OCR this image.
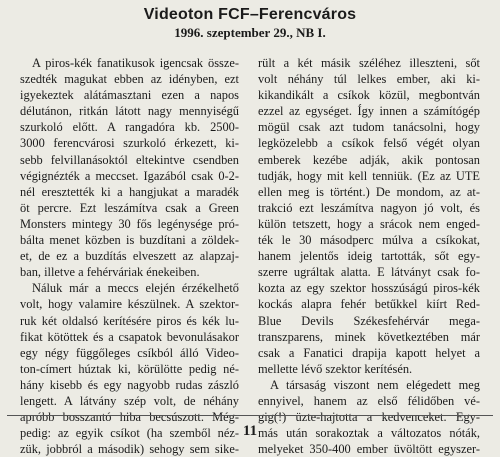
Videoton FCF–Ferencváros
1996. szeptember 29., NB I.
A piros-kék fanatikusok igencsak össze-
szedték magukat ebben az idényben, ezt
igyekeztek alátámasztani ezen a napos
délutánon, ritkán látott nagy mennyiségű
szurkoló előtt. A rangadóra kb. 2500-
3000 ferencvárosi szurkoló érkezett, ki-
sebb felvillanásoktól eltekintve csendben
végignézték a meccset. Igazából csak 0-2-
nél eresztették ki a hangjukat a maradék
öt percre. Ezt leszámítva csak a Green
Monsters mintegy 30 fős legénysége pró-
bálta menet közben is buzdítani a zöldek-
et, de ez a buzdítás elveszett az alapzaj-
ban, illetve a fehérváriak énekeiben.
Náluk már a meccs elején érzékelhető
volt, hogy valamire készülnek. A szektor-
ruk két oldalsó kerítésére piros és kék lu-
fikat kötöttek és a csapatok bevonulásakor
egy négy függőleges csíkból álló Video-
ton-címert húztak ki, körülötte pedig né-
hány kisebb és egy nagyobb rudas zászló
lengett. A látvány szép volt, de néhány
apróbb bosszantó hiba becsúszott. Még-
pedig: az egyik csíkot (ha szemből néz-
zük, jobbról a második) sehogy sem sike-
rült a két másik széléhez illeszteni, sőt
volt néhány túl lelkes ember, aki ki-
kikandikált a csíkok közül, megbontván
ezzel az egységet. Így innen a számítógép
mögül csak azt tudom tanácsolni, hogy
legközelebb a csíkok felső végét olyan
emberek kezébe adják, akik pontosan
tudják, hogy mit kell tenniük. (Ez az UTE
ellen meg is történt.) De mondom, az at-
trakció ezt leszámítva nagyon jó volt, és
külön tetszett, hogy a srácok nem enged-
ték le 30 másodperc múlva a csíkokat,
hanem jelentős ideig tartották, sőt egy-
szerre ugráltak alatta. E látványt csak fo-
kozta az egy szektor hosszúságú piros-kék
kockás alapra fehér betűkkel kiírt Red-
Blue Devils Székesfehérvár mega-
transzparens, minek következtében már
csak a Fanatici drapija kapott helyet a
mellette lévő szektor kerítésén.
A társaság viszont nem elégedett meg
ennyivel, hanem az első félidőben vé-
gig(!) üzte-hajtotta a kedvenceket. Egy-
más után sorakoztak a változatos nóták,
melyeket 350-400 ember üvöltött egyszer-
11
